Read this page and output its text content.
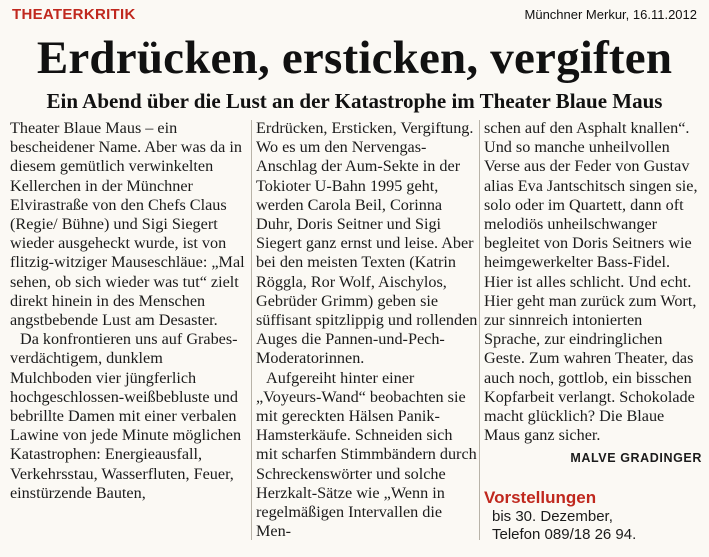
THEATERKRITIK	Münchner Merkur, 16.11.2012
Erdrücken, ersticken, vergiften
Ein Abend über die Lust an der Katastrophe im Theater Blaue Maus

Theater Blaue Maus – ein bescheidener Name. Aber was da in diesem gemütlich verwinkelten Kellerchen in der Münchner Elvirastraße von den Chefs Claus (Regie/ Bühne) und Sigi Siegert wieder ausgeheckt wurde, ist von flitzig-witziger Mauseschläue: „Mal sehen, ob sich wieder was tut“ zielt direkt hinein in des Menschen angstbebende Lust am Desaster.

Da konfrontieren uns auf Grabes-verdächtigem, dunklem Mulchboden vier jüngferlich hochgeschlossen-weißbebluste und bebrillte Damen mit einer verbalen Lawine von jede Minute möglichen Katastrophen: Energieausfall, Verkehrsstau, Wasserfluten, Feuer, einstürzende Bauten,

Erdrücken, Ersticken, Vergiftung. Wo es um den Nervengas-Anschlag der Aum-Sekte in der Tokioter U-Bahn 1995 geht, werden Carola Beil, Corinna Duhr, Doris Seitner und Sigi Siegert ganz ernst und leise. Aber bei den meisten Texten (Katrin Röggla, Ror Wolf, Aischylos, Gebrüder Grimm) geben sie süffisant spitzlippig und rollenden Auges die Pannen-und-Pech-Moderatorinnen.

Aufgereiht hinter einer „Voyeurs-Wand“ beobachten sie mit gereckten Hälsen Panik-Hamsterkäufe. Schneiden sich mit scharfen Stimmbändern durch Schreckenswörter und solche Herzkalt-Sätze wie „Wenn in regelmäßigen Intervallen die Men-

schen auf den Asphalt knallen“. Und so manche unheilvollen Verse aus der Feder von Gustav alias Eva Jantschitsch singen sie, solo oder im Quartett, dann oft melodiös unheilschwanger begleitet von Doris Seitners wie heimgewerkelter Bass-Fidel. Hier ist alles schlicht. Und echt. Hier geht man zurück zum Wort, zur sinnreich intonierten Sprache, zur eindringlichen Geste. Zum wahren Theater, das auch noch, gottlob, ein bisschen Kopfarbeit verlangt. Schokolade macht glücklich? Die Blaue Maus ganz sicher.

MALVE GRADINGER
Vorstellungen
bis 30. Dezember,
Telefon 089/18 26 94.
